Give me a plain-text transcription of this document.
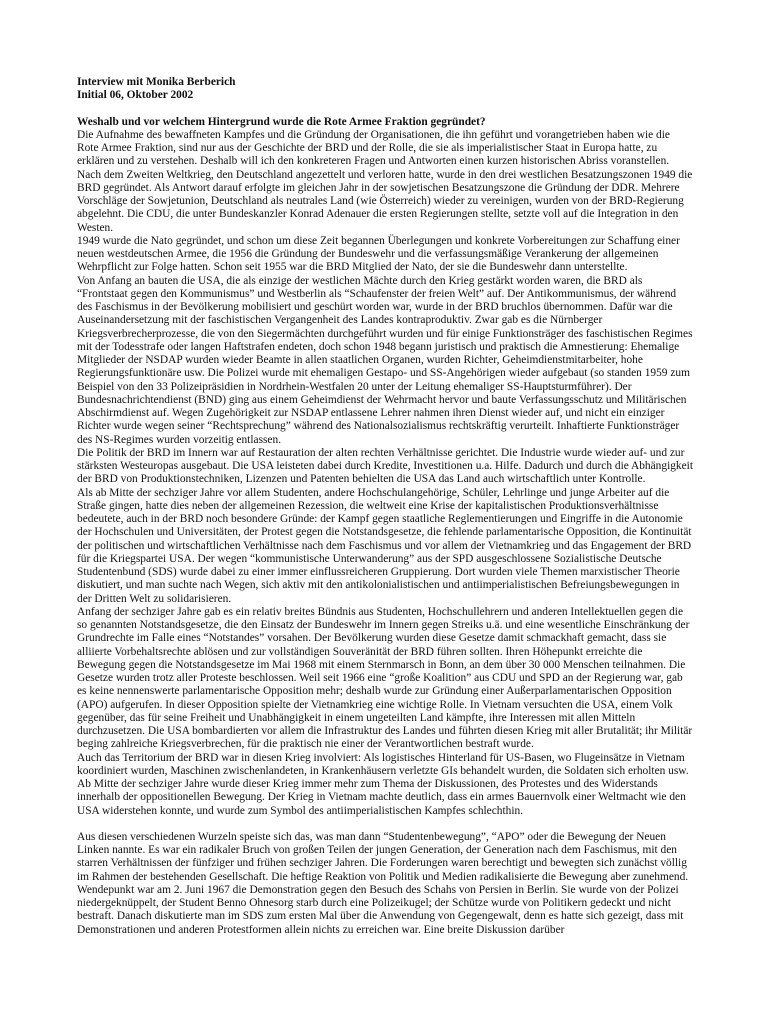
Interview mit Monika Berberich
Initial 06, Oktober 2002
Weshalb und vor welchem Hintergrund wurde die Rote Armee Fraktion gegründet?

Die Aufnahme des bewaffneten Kampfes und die Gründung der Organisationen, die ihn geführt und vorangetrieben haben wie die Rote Armee Fraktion, sind nur aus der Geschichte der BRD und der Rolle, die sie als imperialistischer Staat in Europa hatte, zu erklären und zu verstehen. Deshalb will ich den konkreteren Fragen und Antworten einen kurzen historischen Abriss voranstellen. Nach dem Zweiten Weltkrieg, den Deutschland angezettelt und verloren hatte, wurde in den drei westlichen Besatzungszonen 1949 die BRD gegründet. Als Antwort darauf erfolgte im gleichen Jahr in der sowjetischen Besatzungszone die Gründung der DDR. Mehrere Vorschläge der Sowjetunion, Deutschland als neutrales Land (wie Österreich) wieder zu vereinigen, wurden von der BRD-Regierung abgelehnt. Die CDU, die unter Bundeskanzler Konrad Adenauer die ersten Regierungen stellte, setzte voll auf die Integration in den Westen.

1949 wurde die Nato gegründet, und schon um diese Zeit begannen Überlegungen und konkrete Vorbereitungen zur Schaffung einer neuen westdeutschen Armee, die 1956 die Gründung der Bundeswehr und die verfassungsmäßige Verankerung der allgemeinen Wehrpflicht zur Folge hatten. Schon seit 1955 war die BRD Mitglied der Nato, der sie die Bundeswehr dann unterstellte.

Von Anfang an bauten die USA, die als einzige der westlichen Mächte durch den Krieg gestärkt worden waren, die BRD als “Frontstaat gegen den Kommunismus” und Westberlin als “Schaufenster der freien Welt” auf. Der Antikommunismus, der während des Faschismus in der Bevölkerung mobilisiert und geschürt worden war, wurde in der BRD bruchlos übernommen. Dafür war die Auseinandersetzung mit der faschistischen Vergangenheit des Landes kontraproduktiv. Zwar gab es die Nürnberger Kriegsverbrecherprozesse, die von den Siegermächten durchgeführt wurden und für einige Funktionsträger des faschistischen Regimes mit der Todesstrafe oder langen Haftstrafen endeten, doch schon 1948 begann juristisch und praktisch die Amnestierung: Ehemalige Mitglieder der NSDAP wurden wieder Beamte in allen staatlichen Organen, wurden Richter, Geheimdienstmitarbeiter, hohe Regierungsfunktionäre usw. Die Polizei wurde mit ehemaligen Gestapo- und SS-Angehörigen wieder aufgebaut (so standen 1959 zum Beispiel von den 33 Polizeipräsidien in Nordrhein-Westfalen 20 unter der Leitung ehemaliger SS-Hauptsturmführer). Der Bundesnachrichtendienst (BND) ging aus einem Geheimdienst der Wehrmacht hervor und baute Verfassungsschutz und Militärischen Abschirmdienst auf. Wegen Zugehörigkeit zur NSDAP entlassene Lehrer nahmen ihren Dienst wieder auf, und nicht ein einziger Richter wurde wegen seiner “Rechtsprechung” während des Nationalsozialismus rechtskräftig verurteilt. Inhaftierte Funktionsträger des NS-Regimes wurden vorzeitig entlassen.

Die Politik der BRD im Innern war auf Restauration der alten rechten Verhältnisse gerichtet. Die Industrie wurde wieder auf- und zur stärksten Westeuropas ausgebaut. Die USA leisteten dabei durch Kredite, Investitionen u.a. Hilfe. Dadurch und durch die Abhängigkeit der BRD von Produktionstechniken, Lizenzen und Patenten behielten die USA das Land auch wirtschaftlich unter Kontrolle.

Als ab Mitte der sechziger Jahre vor allem Studenten, andere Hochschulangehörige, Schüler, Lehrlinge und junge Arbeiter auf die Straße gingen, hatte dies neben der allgemeinen Rezession, die weltweit eine Krise der kapitalistischen Produktionsverhältnisse bedeutete, auch in der BRD noch besondere Gründe: der Kampf gegen staatliche Reglementierungen und Eingriffe in die Autonomie der Hochschulen und Universitäten, der Protest gegen die Notstandsgesetze, die fehlende parlamentarische Opposition, die Kontinuität der politischen und wirtschaftlichen Verhältnisse nach dem Faschismus und vor allem der Vietnamkrieg und das Engagement der BRD für die Kriegspartei USA. Der wegen “kommunistische Unterwanderung” aus der SPD ausgeschlossene Sozialistische Deutsche Studentenbund (SDS) wurde dabei zu einer immer einflussreicheren Gruppierung. Dort wurden viele Themen marxistischer Theorie diskutiert, und man suchte nach Wegen, sich aktiv mit den antikolonialistischen und antiimperialistischen Befreiungsbewegungen in der Dritten Welt zu solidarisieren.

Anfang der sechziger Jahre gab es ein relativ breites Bündnis aus Studenten, Hochschullehrern und anderen Intellektuellen gegen die so genannten Notstandsgesetze, die den Einsatz der Bundeswehr im Innern gegen Streiks u.ä. und eine wesentliche Einschränkung der Grundrechte im Falle eines “Notstandes” vorsahen. Der Bevölkerung wurden diese Gesetze damit schmackhaft gemacht, dass sie alliierte Vorbehaltsrechte ablösen und zur vollständigen Souveränität der BRD führen sollten. Ihren Höhepunkt erreichte die Bewegung gegen die Notstandsgesetze im Mai 1968 mit einem Sternmarsch in Bonn, an dem über 30 000 Menschen teilnahmen. Die Gesetze wurden trotz aller Proteste beschlossen. Weil seit 1966 eine “große Koalition” aus CDU und SPD an der Regierung war, gab es keine nennenswerte parlamentarische Opposition mehr; deshalb wurde zur Gründung einer Außerparlamentarischen Opposition (APO) aufgerufen. In dieser Opposition spielte der Vietnamkrieg eine wichtige Rolle. In Vietnam versuchten die USA, einem Volk gegenüber, das für seine Freiheit und Unabhängigkeit in einem ungeteilten Land kämpfte, ihre Interessen mit allen Mitteln durchzusetzen. Die USA bombardierten vor allem die Infrastruktur des Landes und führten diesen Krieg mit aller Brutalität; ihr Militär beging zahlreiche Kriegsverbrechen, für die praktisch nie einer der Verantwortlichen bestraft wurde.

Auch das Territorium der BRD war in diesen Krieg involviert: Als logistisches Hinterland für US-Basen, wo Flugeinsätze in Vietnam koordiniert wurden, Maschinen zwischenlandeten, in Krankenhäusern verletzte GIs behandelt wurden, die Soldaten sich erholten usw.

Ab Mitte der sechziger Jahre wurde dieser Krieg immer mehr zum Thema der Diskussionen, des Protestes und des Widerstands innerhalb der oppositionellen Bewegung. Der Krieg in Vietnam machte deutlich, dass ein armes Bauernvolk einer Weltmacht wie den USA widerstehen konnte, und wurde zum Symbol des antiimperialistischen Kampfes schlechthin.

Aus diesen verschiedenen Wurzeln speiste sich das, was man dann “Studentenbewegung”, “APO” oder die Bewegung der Neuen Linken nannte. Es war ein radikaler Bruch von großen Teilen der jungen Generation, der Generation nach dem Faschismus, mit den starren Verhältnissen der fünfziger und frühen sechziger Jahren. Die Forderungen waren berechtigt und bewegten sich zunächst völlig im Rahmen der bestehenden Gesellschaft. Die heftige Reaktion von Politik und Medien radikalisierte die Bewegung aber zunehmend. Wendepunkt war am 2. Juni 1967 die Demonstration gegen den Besuch des Schahs von Persien in Berlin. Sie wurde von der Polizei niedergeknüppelt, der Student Benno Ohnesorg starb durch eine Polizeikugel; der Schütze wurde von Politikern gedeckt und nicht bestraft. Danach diskutierte man im SDS zum ersten Mal über die Anwendung von Gegengewalt, denn es hatte sich gezeigt, dass mit Demonstrationen und anderen Protestformen allein nichts zu erreichen war. Eine breite Diskussion darüber
